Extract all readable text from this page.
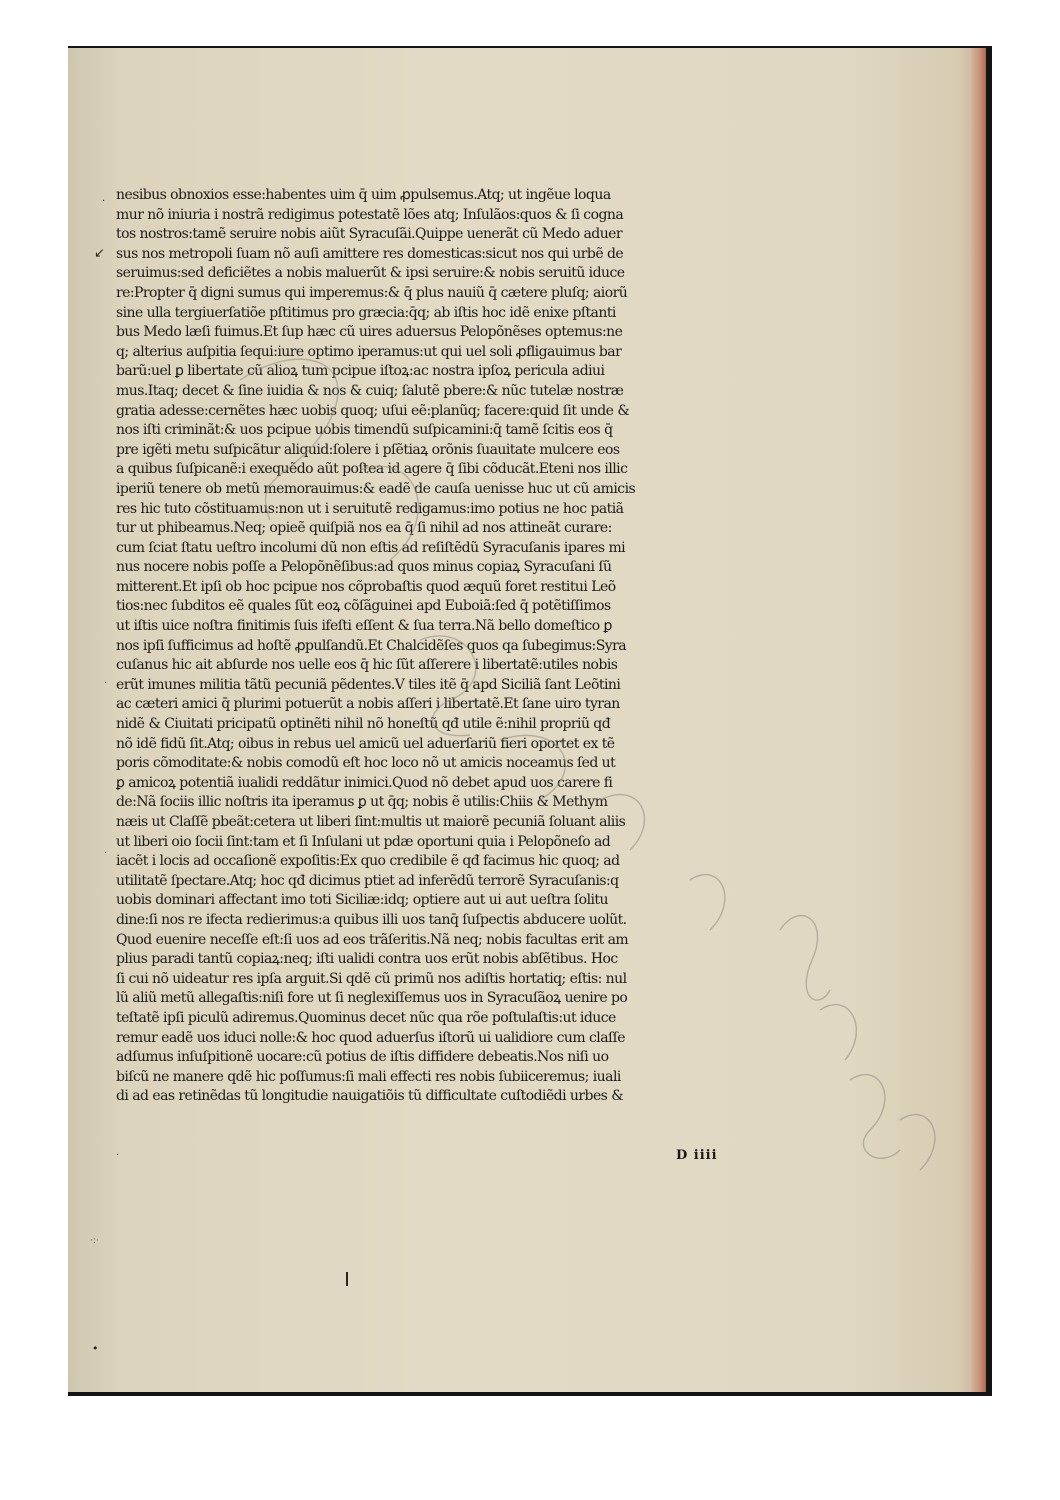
nesibus obnoxios esse:habentes uim q̄ uim ꝓpulsemus.Atq; ut ingẽue loqua
mur nõ iniuria i nostrã redigimus potestatẽ lões atq; Inſulãos:quos & ſi cogna
tos nostros:tamẽ seruire nobis aiũt Syracuſãi.Quippe uenerãt cũ Medo aduer
sus nos metropoli ſuam nõ auſi amittere res domesticas:sicut nos qui urbẽ de
seruimus:sed deficiẽtes a nobis maluerũt & ipsi seruire:& nobis seruitũ iduce
re:Propter q̄ digni sumus qui imperemus:& q̄ plus nauiũ q̄ cætere pluſq; aiorũ
sine ulla tergiuerſatiõe pſtitimus pro græcia:q̄q; ab iſtis hoc idẽ enixe pſtanti
bus Medo læſi fuimus.Et ſup hæc cũ uires aduersus Pelopõnẽses optemus:ne
q; alterius auſpitia ſequi:iure optimo iperamus:ut qui uel soli ꝓfligauimus bar
barũ:uel ꝑ libertate cũ alioꝝ tum pcipue iſtoꝝ:ac nostra ipſoꝝ pericula adiui
mus.Itaq; decet & ſine iuidia & nos & cuiq; ſalutẽ pbere:& nũc tutelæ nostræ
gratia adesse:cernẽtes hæc uobis quoq; uſui eẽ:planũq; facere:quid ſit unde &
nos iſti criminãt:& uos pcipue uobis timendũ suſpicamini:q̄ tamẽ ſcitis eos q̄
pre igẽti metu suſpicãtur aliquid:ſolere i pſẽtiaꝝ orõnis ſuauitate mulcere eos
a quibus ſuſpicanẽ:i exequẽdo aũt poſtea id agere q̄ ſibi cõducãt.Eteni nos illic
iperiũ tenere ob metũ memorauimus:& eadẽ de cauſa uenisse huc ut cũ amicis
res hic tuto cõstituamus:non ut i seruitutẽ redigamus:imo potius ne hoc patiã
tur ut phibeamus.Neq; opieẽ quiſpiã nos ea q̄ ſi nihil ad nos attineãt curare:
cum ſciat ſtatu ueſtro incolumi dũ non eſtis ad reſiſtẽdũ Syracuſanis ipares mi
nus nocere nobis poſſe a Pelopõnẽſibus:ad quos minus copiaꝝ Syracuſani ſũ
mitterent.Et ipſi ob hoc pcipue nos cõprobaſtis quod æquũ foret restitui Leõ
tios:nec ſubditos eẽ quales ſũt eoꝝ cõſãguinei apd Euboiã:ſed q̄ potẽtiſſimos
ut iſtis uice noſtra finitimis ſuis ifeſti eſſent & ſua terra.Nã bello domeſtico ꝑ
nos ipſi ſufficimus ad hoſtẽ ꝓpulſandũ.Et Chalcidẽſes quos qa ſubegimus:Syra
cuſanus hic ait abſurde nos uelle eos q̄ hic ſũt aſſerere i libertatẽ:utiles nobis
erũt imunes militia tãtũ pecuniã pẽdentes.V tiles itẽ q̄ apd Siciliã ſant Leõtini
ac cæteri amici q̄ plurimi potuerũt a nobis aſſeri i libertatẽ.Et ſane uiro tyran
nidẽ & Ciuitati pricipatũ optinẽti nihil nõ honeſtũ qđ utile ẽ:nihil propriũ qđ
nõ idẽ fidũ ſit.Atq; oibus in rebus uel amicũ uel aduerſariũ fieri oportet ex tẽ
poris cõmoditate:& nobis comodũ eſt hoc loco nõ ut amicis noceamus ſed ut
ꝑ amicoꝝ potentiã iualidi reddãtur inimici.Quod nõ debet apud uos carere fi
de:Nã ſociis illic noſtris ita iperamus ꝑ ut q̄q; nobis ẽ utilis:Chiis & Methym
næis ut Claſſẽ pbeãt:cetera ut liberi ſint:multis ut maiorẽ pecuniã ſoluant aliis
ut liberi oio ſocii ſint:tam et ſi Inſulani ut pdæ oportuni quia i Pelopõneſo ad
iacẽt i locis ad occaſionẽ expoſitis:Ex quo credibile ẽ qđ facimus hic quoq; ad
utilitatẽ ſpectare.Atq; hoc qđ dicimus ptiet ad inferẽdũ terrorẽ Syracuſanis:q
uobis dominari affectant imo toti Siciliæ:idq; optiere aut ui aut ueſtra ſolitu
dine:ſi nos re ifecta redierimus:a quibus illi uos tanq̄ ſuſpectis abducere uolũt.
Quod euenire neceſſe eſt:ſi uos ad eos trãſeritis.Nã neq; nobis facultas erit am
plius paradi tantũ copiaꝝ:neq; iſti ualidi contra uos erũt nobis abſẽtibus. Hoc
ſi cui nõ uideatur res ipſa arguit.Si qdẽ cũ primũ nos adiſtis hortatiq; eſtis: nul
lũ aliũ metũ allegaſtis:niſi fore ut ſi neglexiſſemus uos in Syracuſãoꝝ uenire po
teſtatẽ ipſi piculũ adiremus.Quominus decet nũc qua rõe poſtulaſtis:ut iduce
remur eadẽ uos iduci nolle:& hoc quod aduerſus iſtorũ ui ualidiore cum claſſe
adſumus inſuſpitionẽ uocare:cũ potius de iſtis diffidere debeatis.Nos niſi uo
biſcũ ne manere qdẽ hic poſſumus:ſi mali effecti res nobis ſubiiceremus; iuali
di ad eas retinẽdas tũ longitudie nauigatiõis tũ difficultate cuſtodiẽdi urbes &
D iiii
·
↙
·
·
·
·:·
•
